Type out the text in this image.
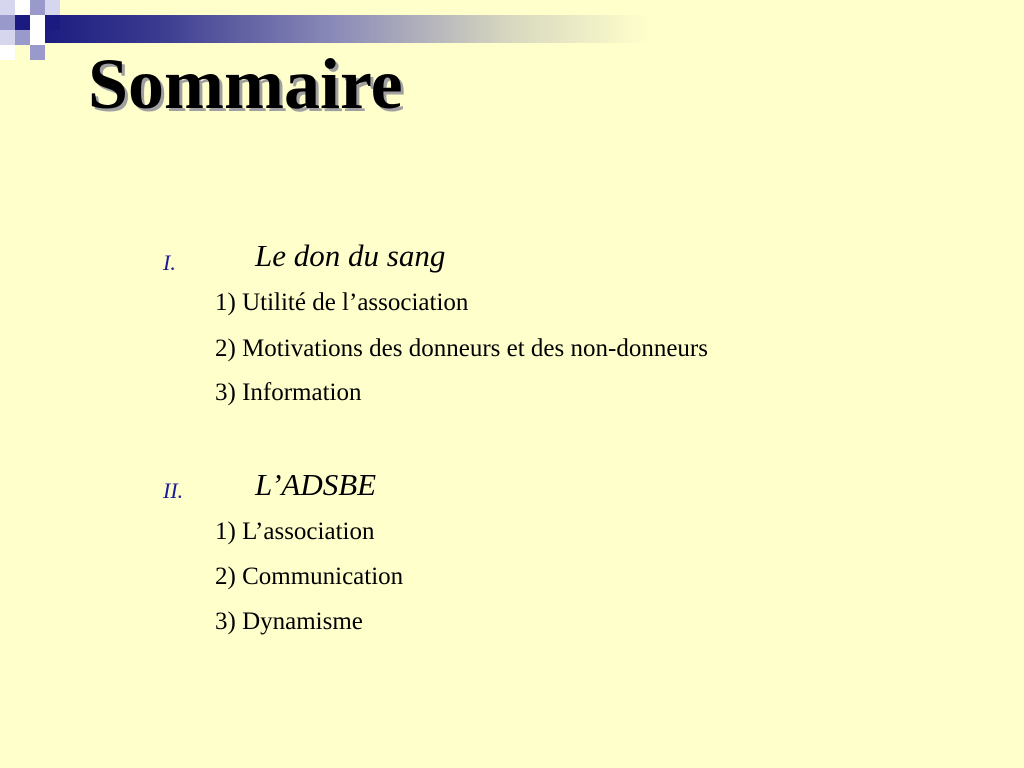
Sommaire
I.	Le don du sang
1) Utilité de l’association
2) Motivations des donneurs et des non-donneurs
3) Information
II. L’ADSBE
1) L’association
2) Communication
3) Dynamisme
